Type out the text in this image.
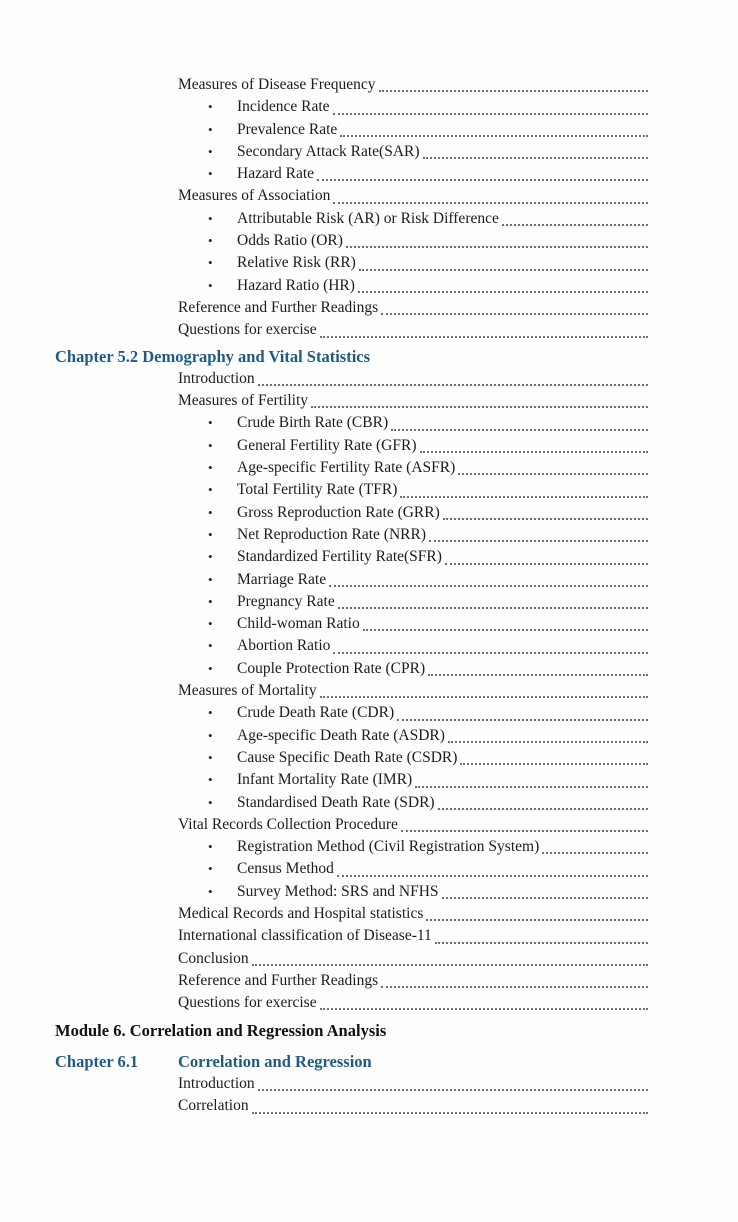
Measures of Disease Frequency
•	Incidence Rate
•	Prevalence Rate
•	Secondary Attack Rate(SAR)
•	Hazard Rate
Measures of Association
•	Attributable Risk (AR) or Risk Difference
•	Odds Ratio (OR)
•	Relative Risk (RR)
•	Hazard Ratio (HR)
Reference and Further Readings
Questions for exercise
Chapter 5.2 Demography and Vital Statistics
Introduction
Measures of Fertility
•	Crude Birth Rate (CBR)
•	General Fertility Rate (GFR)
•	Age-specific Fertility Rate (ASFR)
•	Total Fertility Rate (TFR)
•	Gross Reproduction Rate (GRR)
•	Net Reproduction Rate (NRR)
•	Standardized Fertility Rate(SFR)
•	Marriage Rate
•	Pregnancy Rate
•	Child-woman Ratio
•	Abortion Ratio
•	Couple Protection Rate (CPR)
Measures of Mortality
•	Crude Death Rate (CDR)
•	Age-specific Death Rate (ASDR)
•	Cause Specific Death Rate (CSDR)
•	Infant Mortality Rate (IMR)
•	Standardised Death Rate (SDR)
Vital Records Collection Procedure
•	Registration Method (Civil Registration System)
•	Census Method
•	Survey Method: SRS and NFHS
Medical Records and Hospital statistics
International classification of Disease-11
Conclusion
Reference and Further Readings
Questions for exercise
Module 6. Correlation and Regression Analysis
Chapter 6.1	Correlation and Regression
Introduction
Correlation
